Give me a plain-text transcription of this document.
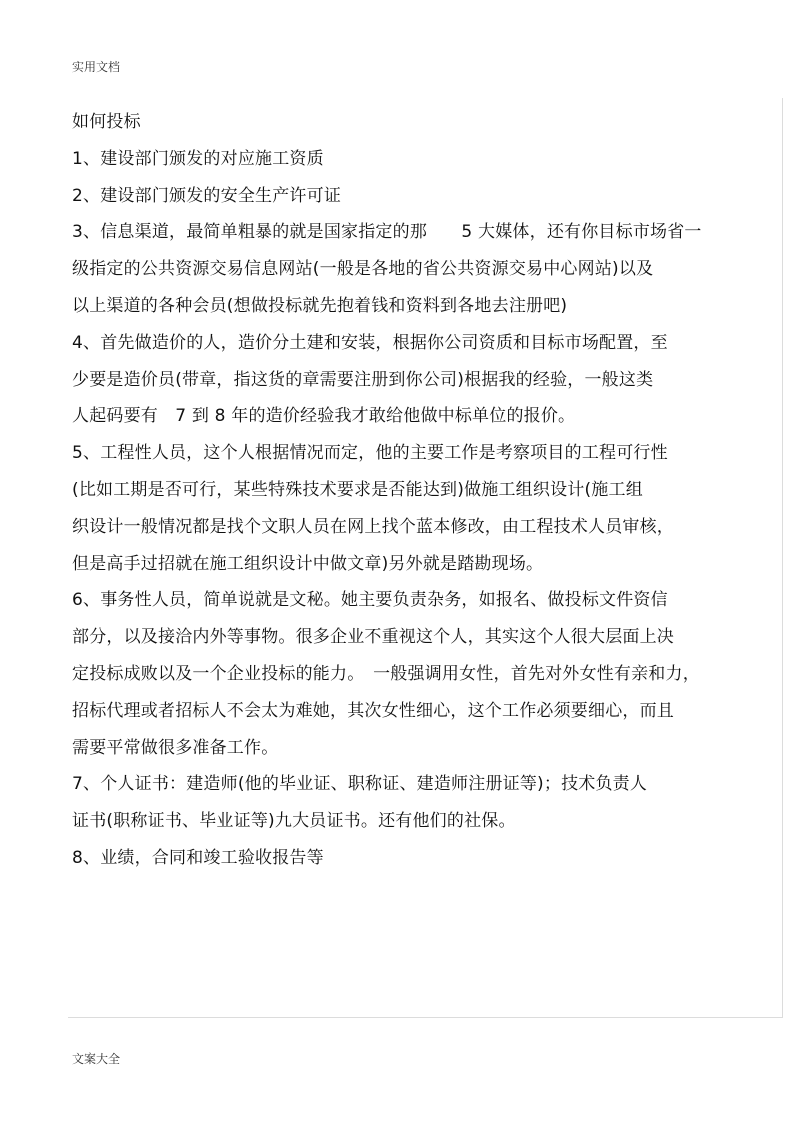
实用文档
如何投标
1、建设部门颁发的对应施工资质
2、建设部门颁发的安全生产许可证
3、信息渠道，最简单粗暴的就是国家指定的那　　5 大媒体，还有你目标市场省一
级指定的公共资源交易信息网站(一般是各地的省公共资源交易中心网站)以及
以上渠道的各种会员(想做投标就先抱着钱和资料到各地去注册吧)
4、首先做造价的人，造价分土建和安装，根据你公司资质和目标市场配置，至
少要是造价员(带章，指这货的章需要注册到你公司)根据我的经验，一般这类
人起码要有　7 到 8 年的造价经验我才敢给他做中标单位的报价。
5、工程性人员，这个人根据情况而定，他的主要工作是考察项目的工程可行性
(比如工期是否可行，某些特殊技术要求是否能达到)做施工组织设计(施工组
织设计一般情况都是找个文职人员在网上找个蓝本修改，由工程技术人员审核，
但是高手过招就在施工组织设计中做文章)另外就是踏勘现场。
6、事务性人员，简单说就是文秘。她主要负责杂务，如报名、做投标文件资信
部分，以及接洽内外等事物。很多企业不重视这个人，其实这个人很大层面上决
定投标成败以及一个企业投标的能力。　一般强调用女性，首先对外女性有亲和力，
招标代理或者招标人不会太为难她，其次女性细心，这个工作必须要细心，而且
需要平常做很多准备工作。
7、个人证书：建造师(他的毕业证、职称证、建造师注册证等)；技术负责人
证书(职称证书、毕业证等)九大员证书。还有他们的社保。
8、业绩，合同和竣工验收报告等
文案大全
